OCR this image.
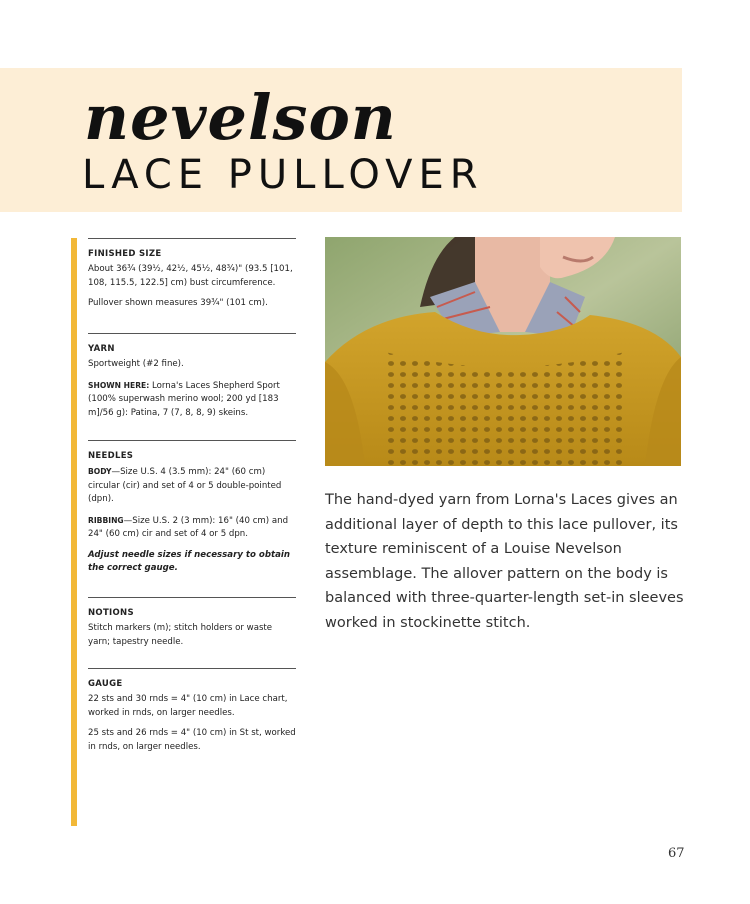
nevelson
LACE PULLOVER
FINISHED SIZE

About 36¾ (39½, 42½, 45½, 48¾)" (93.5 [101, 108, 115.5, 122.5] cm) bust circumference.

Pullover shown measures 39¾" (101 cm).

YARN

Sportweight (#2 fine).

SHOWN HERE: Lorna's Laces Shepherd Sport (100% superwash merino wool; 200 yd [183 m]/56 g): Patina, 7 (7, 8, 8, 9) skeins.

NEEDLES

BODY—Size U.S. 4 (3.5 mm): 24" (60 cm) circular (cir) and set of 4 or 5 double-pointed (dpn).

RIBBING—Size U.S. 2 (3 mm): 16" (40 cm) and 24" (60 cm) cir and set of 4 or 5 dpn.

Adjust needle sizes if necessary to obtain the correct gauge.

NOTIONS

Stitch markers (m); stitch holders or waste yarn; tapestry needle.

GAUGE

22 sts and 30 rnds = 4" (10 cm) in Lace chart, worked in rnds, on larger needles.

25 sts and 26 rnds = 4" (10 cm) in St st, worked in rnds, on larger needles.

The hand-dyed yarn from Lorna's Laces gives an additional layer of depth to this lace pullover, its texture reminiscent of a Louise Nevelson assemblage. The allover pattern on the body is balanced with three-quarter-length set-in sleeves worked in stockinette stitch.

67
